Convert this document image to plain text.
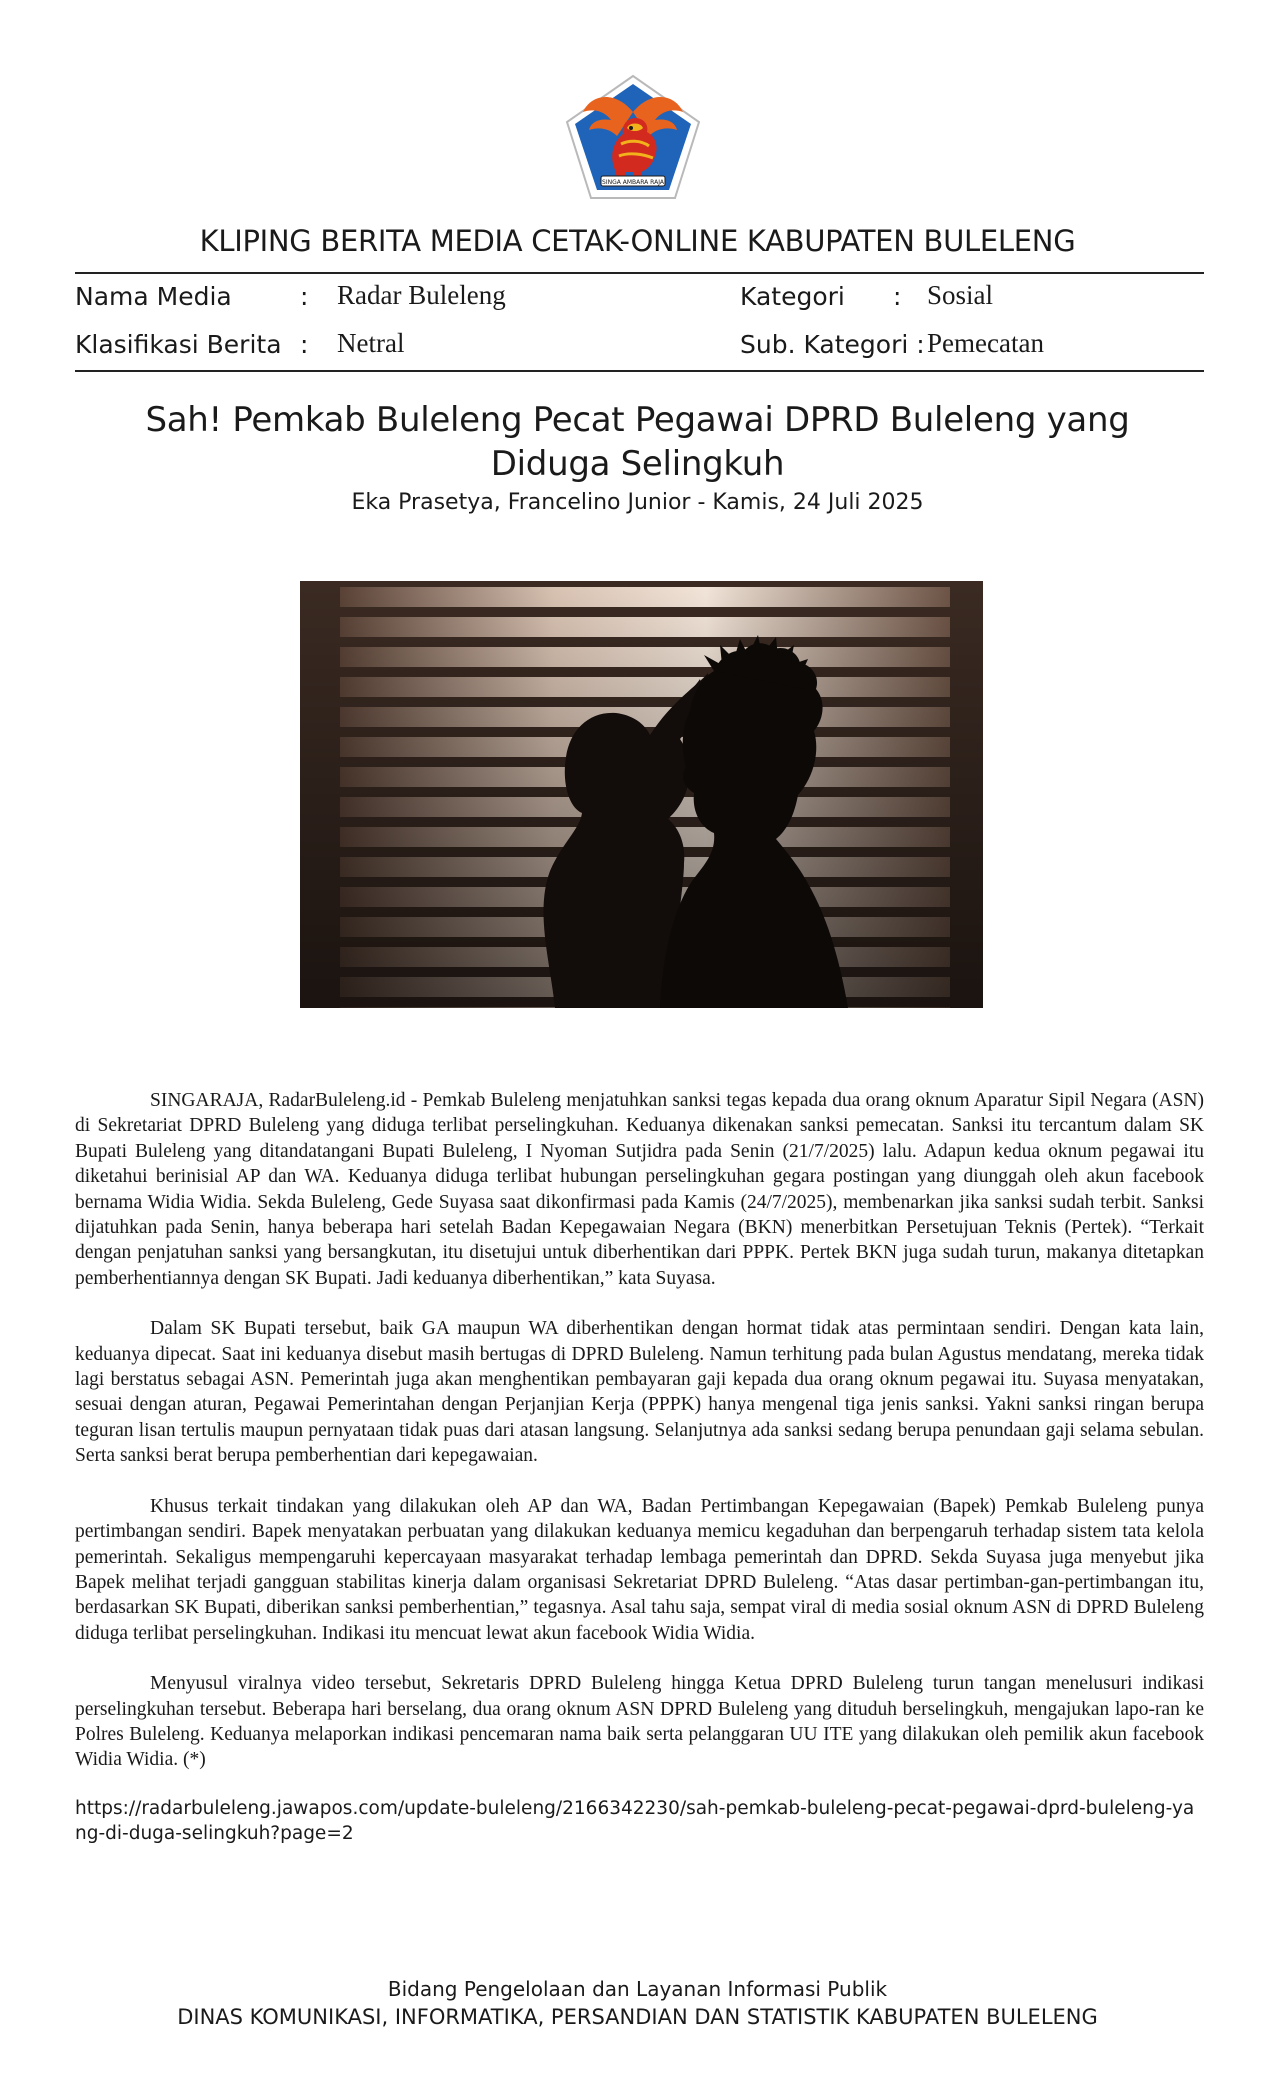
SINGA AMBARA RAJA
KLIPING BERITA MEDIA CETAK-ONLINE KABUPATEN BULELENG
Nama Media	: Radar Buleleng	Kategori : Sosial
Klasifikasi Berita : Netral	Sub. Kategori : Pemecatan
Sah! Pemkab Buleleng Pecat Pegawai DPRD Buleleng yang Diduga Selingkuh
Eka Prasetya, Francelino Junior - Kamis, 24 Juli 2025

SINGARAJA, RadarBuleleng.id - Pemkab Buleleng menjatuhkan sanksi tegas kepada dua orang oknum Aparatur Sipil Negara (ASN) di Sekretariat DPRD Buleleng yang diduga terlibat perselingkuhan. Keduanya dikenakan sanksi pemecatan. Sanksi itu tercantum dalam SK Bupati Buleleng yang ditandatangani Bupati Buleleng, I Nyoman Sutjidra pada Senin (21/7/2025) lalu. Adapun kedua oknum pegawai itu diketahui berinisial AP dan WA. Keduanya diduga terlibat hubungan perselingkuhan gegara postingan yang diunggah oleh akun facebook bernama Widia Widia. Sekda Buleleng, Gede Suyasa saat dikonfirmasi pada Kamis (24/7/2025), membenarkan jika sanksi sudah terbit. Sanksi dijatuhkan pada Senin, hanya beberapa hari setelah Badan Kepegawaian Negara (BKN) menerbitkan Persetujuan Teknis (Pertek). “Terkait dengan penjatuhan sanksi yang bersangkutan, itu disetujui untuk diberhentikan dari PPPK. Pertek BKN juga sudah turun, makanya ditetapkan pemberhentiannya dengan SK Bupati. Jadi keduanya diberhentikan,” kata Suyasa.

Dalam SK Bupati tersebut, baik GA maupun WA diberhentikan dengan hormat tidak atas permintaan sendiri. Dengan kata lain, keduanya dipecat. Saat ini keduanya disebut masih bertugas di DPRD Buleleng. Namun terhitung pada bulan Agustus mendatang, mereka tidak lagi berstatus sebagai ASN. Pemerintah juga akan menghentikan pembayaran gaji kepada dua orang oknum pegawai itu. Suyasa menyatakan, sesuai dengan aturan, Pegawai Pemerintahan dengan Perjanjian Kerja (PPPK) hanya mengenal tiga jenis sanksi. Yakni sanksi ringan berupa teguran lisan tertulis maupun pernyataan tidak puas dari atasan langsung. Selanjutnya ada sanksi sedang berupa penundaan gaji selama sebulan. Serta sanksi berat berupa pemberhentian dari kepegawaian.

Khusus terkait tindakan yang dilakukan oleh AP dan WA, Badan Pertimbangan Kepegawaian (Bapek) Pemkab Buleleng punya pertimbangan sendiri. Bapek menyatakan perbuatan yang dilakukan keduanya memicu kegaduhan dan berpengaruh terhadap sistem tata kelola pemerintah. Sekaligus mempengaruhi kepercayaan masyarakat terhadap lembaga pemerintah dan DPRD. Sekda Suyasa juga menyebut jika Bapek melihat terjadi gangguan stabilitas kinerja dalam organisasi Sekretariat DPRD Buleleng. “Atas dasar pertimban-gan-pertimbangan itu, berdasarkan SK Bupati, diberikan sanksi pemberhentian,” tegasnya. Asal tahu saja, sempat viral di media sosial oknum ASN di DPRD Buleleng diduga terlibat perselingkuhan. Indikasi itu mencuat lewat akun facebook Widia Widia.

Menyusul viralnya video tersebut, Sekretaris DPRD Buleleng hingga Ketua DPRD Buleleng turun tangan menelusuri indikasi perselingkuhan tersebut. Beberapa hari berselang, dua orang oknum ASN DPRD Buleleng yang dituduh berselingkuh, mengajukan lapo-ran ke Polres Buleleng. Keduanya melaporkan indikasi pencemaran nama baik serta pelanggaran UU ITE yang dilakukan oleh pemilik akun facebook Widia Widia. (*)

https://radarbuleleng.jawapos.com/update-buleleng/2166342230/sah-pemkab-buleleng-pecat-pegawai-dprd-buleleng-yang-di-duga-selingkuh?page=2
Bidang Pengelolaan dan Layanan Informasi Publik
DINAS KOMUNIKASI, INFORMATIKA, PERSANDIAN DAN STATISTIK KABUPATEN BULELENG
